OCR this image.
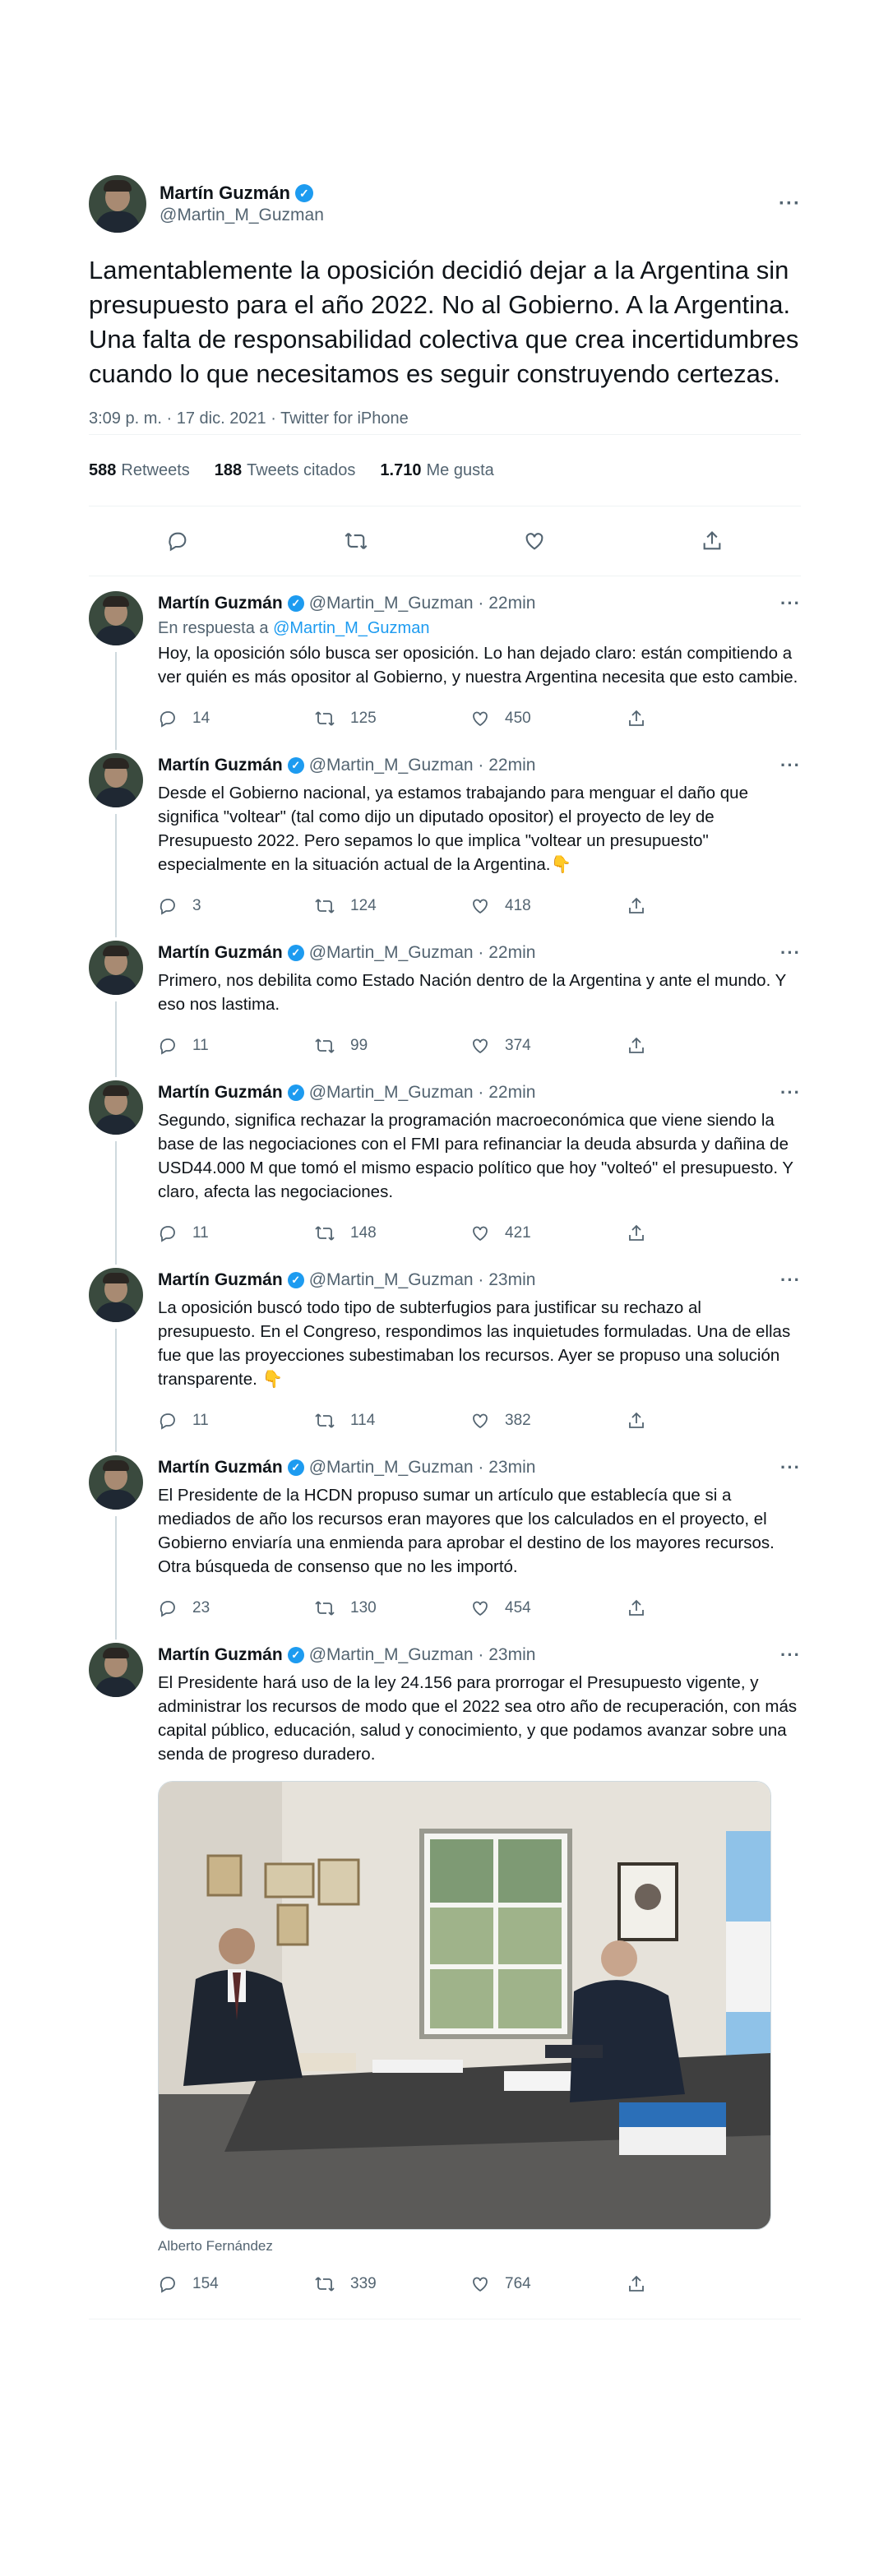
Martín Guzmán ✓
@Martin_M_Guzman
···
Lamentablemente la oposición decidió dejar a la Argentina sin presupuesto para el año 2022. No al Gobierno. A la Argentina. Una falta de responsabilidad colectiva que crea incertidumbres cuando lo que necesitamos es seguir construyendo certezas.
3:09 p. m. · 17 dic. 2021 · Twitter for iPhone
588 Retweets 188 Tweets citados 1.710 Me gusta
Martín Guzmán ✓ @Martin_M_Guzman · 22min	···
En respuesta a @Martin_M_Guzman
Hoy, la oposición sólo busca ser oposición. Lo han dejado claro: están compitiendo a ver quién es más opositor al Gobierno, y nuestra Argentina necesita que esto cambie.
14	125	450
Martín Guzmán ✓ @Martin_M_Guzman · 22min	···
Desde el Gobierno nacional, ya estamos trabajando para menguar el daño que significa "voltear" (tal como dijo un diputado opositor) el proyecto de ley de Presupuesto 2022. Pero sepamos lo que implica "voltear un presupuesto" especialmente en la situación actual de la Argentina.👇
3	124	418
Martín Guzmán ✓ @Martin_M_Guzman · 22min	···
Primero, nos debilita como Estado Nación dentro de la Argentina y ante el mundo. Y eso nos lastima.
11	99	374
Martín Guzmán ✓ @Martin_M_Guzman · 22min	···
Segundo, significa rechazar la programación macroeconómica que viene siendo la base de las negociaciones con el FMI para refinanciar la deuda absurda y dañina de USD44.000 M que tomó el mismo espacio político que hoy "volteó" el presupuesto. Y claro, afecta las negociaciones.
11	148	421
Martín Guzmán ✓ @Martin_M_Guzman · 23min	···
La oposición buscó todo tipo de subterfugios para justificar su rechazo al presupuesto. En el Congreso, respondimos las inquietudes formuladas. Una de ellas fue que las proyecciones subestimaban los recursos. Ayer se propuso una solución transparente. 👇
11	114	382
Martín Guzmán ✓ @Martin_M_Guzman · 23min	···
El Presidente de la HCDN propuso sumar un artículo que establecía que si a mediados de año los recursos eran mayores que los calculados en el proyecto, el Gobierno enviaría una enmienda para aprobar el destino de los mayores recursos. Otra búsqueda de consenso que no les importó.
23	130	454
Martín Guzmán ✓ @Martin_M_Guzman · 23min	···
El Presidente hará uso de la ley 24.156 para prorrogar el Presupuesto vigente, y administrar los recursos de modo que el 2022 sea otro año de recuperación, con más capital público, educación, salud y conocimiento, y que podamos avanzar sobre una senda de progreso duradero.
Alberto Fernández
154	339	764
